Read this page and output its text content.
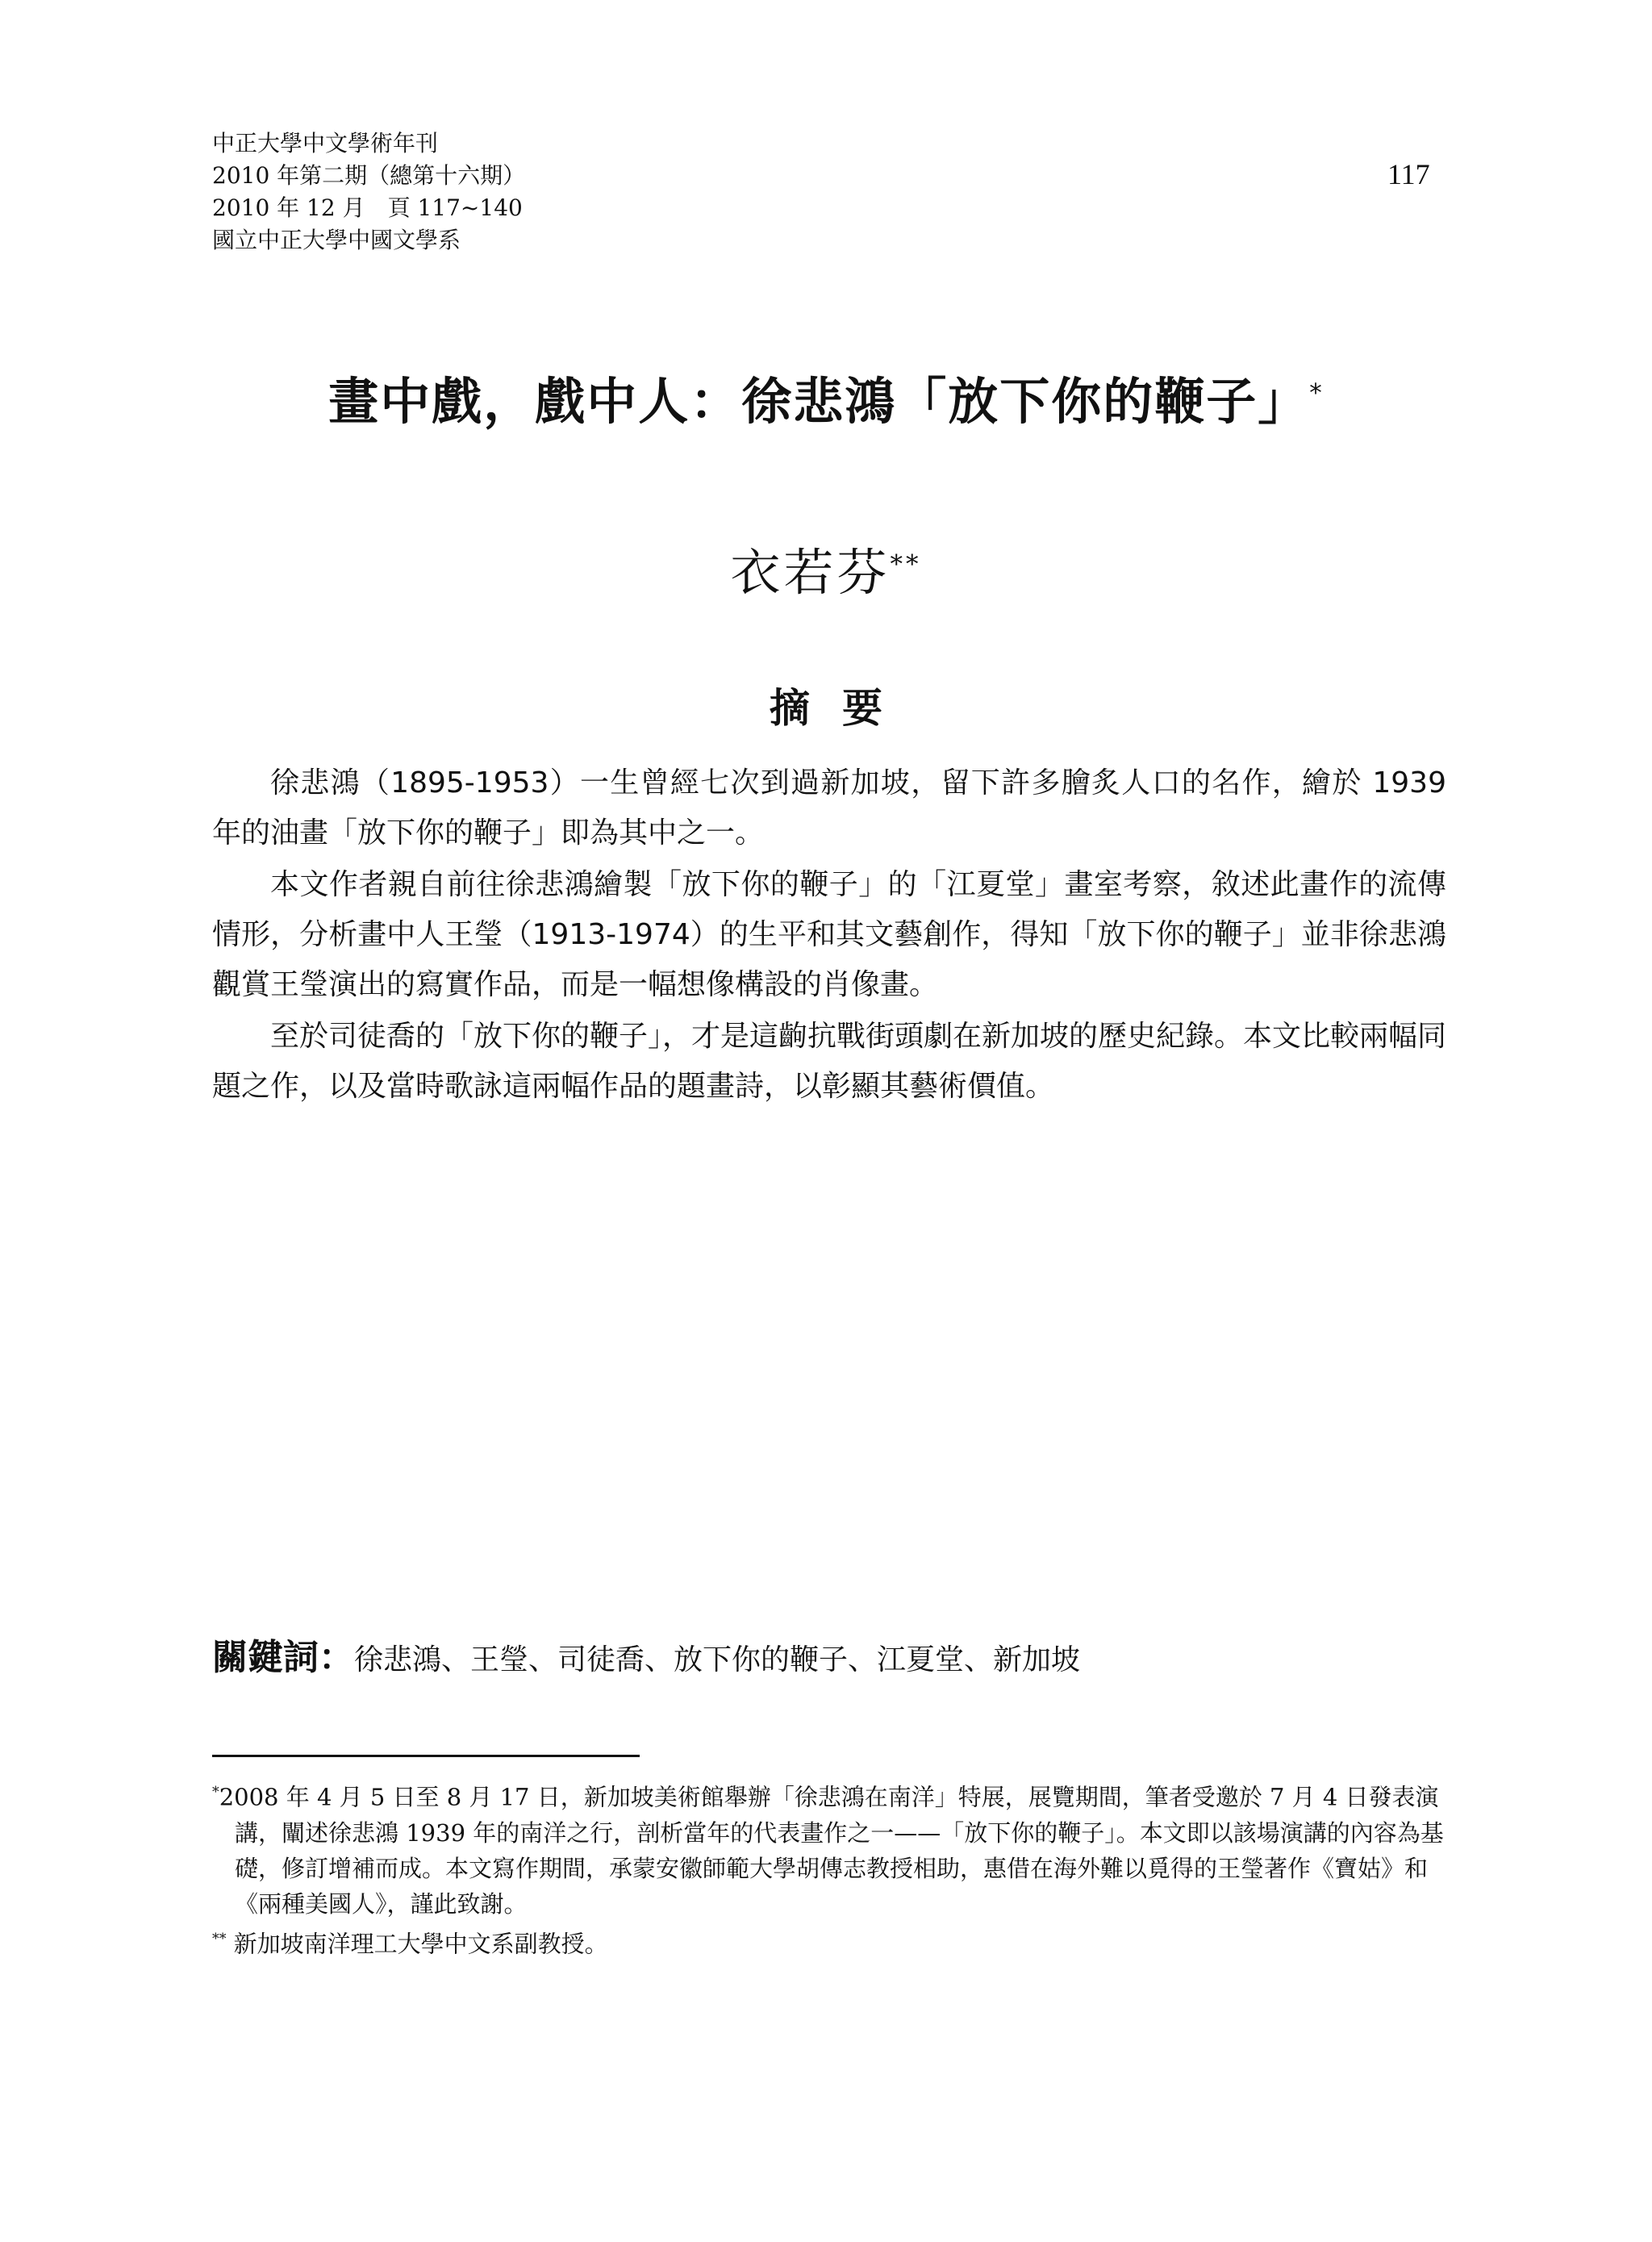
中正大學中文學術年刊
2010 年第二期（總第十六期）
2010 年 12 月　頁 117~140
國立中正大學中國文學系
117
畫中戲，戲中人：徐悲鴻「放下你的鞭子」*
衣若芬**
摘要

徐悲鴻（1895-1953）一生曾經七次到過新加坡，留下許多膾炙人口的名作，繪於 1939 年的油畫「放下你的鞭子」即為其中之一。

本文作者親自前往徐悲鴻繪製「放下你的鞭子」的「江夏堂」畫室考察，敘述此畫作的流傳情形，分析畫中人王瑩（1913-1974）的生平和其文藝創作，得知「放下你的鞭子」並非徐悲鴻觀賞王瑩演出的寫實作品，而是一幅想像構設的肖像畫。

至於司徒喬的「放下你的鞭子」，才是這齣抗戰街頭劇在新加坡的歷史紀錄。本文比較兩幅同題之作，以及當時歌詠這兩幅作品的題畫詩，以彰顯其藝術價值。

關鍵詞：徐悲鴻、王瑩、司徒喬、放下你的鞭子、江夏堂、新加坡

*2008 年 4 月 5 日至 8 月 17 日，新加坡美術館舉辦「徐悲鴻在南洋」特展，展覽期間，筆者受邀於 7 月 4 日發表演講，闡述徐悲鴻 1939 年的南洋之行，剖析當年的代表畫作之一——「放下你的鞭子」。本文即以該場演講的內容為基礎，修訂增補而成。本文寫作期間，承蒙安徽師範大學胡傳志教授相助，惠借在海外難以覓得的王瑩著作《寶姑》和《兩種美國人》，謹此致謝。

** 新加坡南洋理工大學中文系副教授。
